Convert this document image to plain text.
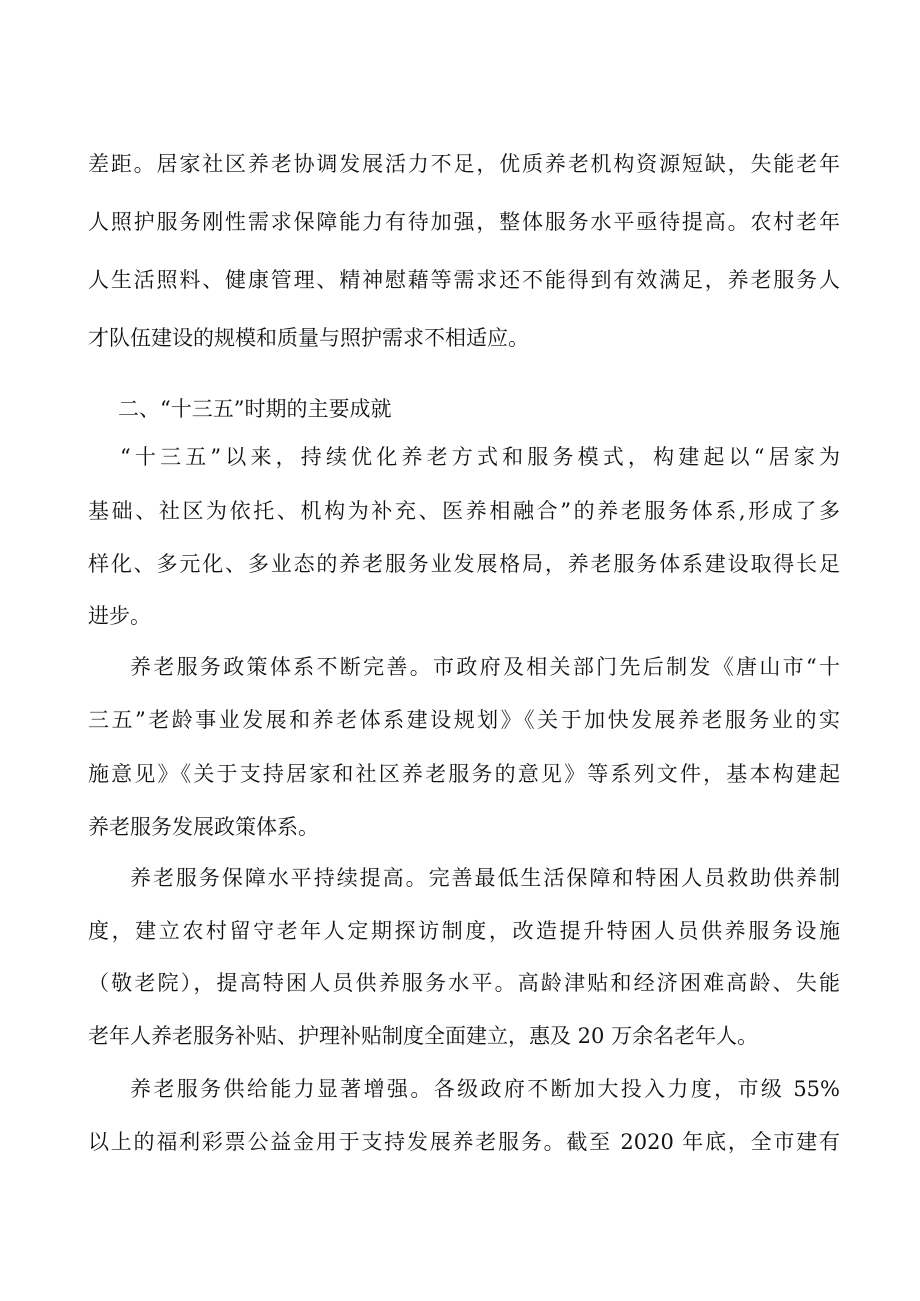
差距。居家社区养老协调发展活力不足，优质养老机构资源短缺，失能老年
人照护服务刚性需求保障能力有待加强，整体服务水平亟待提高。农村老年
人生活照料、健康管理、精神慰藉等需求还不能得到有效满足，养老服务人
才队伍建设的规模和质量与照护需求不相适应。
二、“十三五”时期的主要成就
“十三五”以来，持续优化养老方式和服务模式，构建起以“居家为
基础、社区为依托、机构为补充、医养相融合”的养老服务体系,形成了多
样化、多元化、多业态的养老服务业发展格局，养老服务体系建设取得长足
进步。
养老服务政策体系不断完善。市政府及相关部门先后制发《唐山市“十
三五”老龄事业发展和养老体系建设规划》《关于加快发展养老服务业的实
施意见》《关于支持居家和社区养老服务的意见》等系列文件，基本构建起
养老服务发展政策体系。
养老服务保障水平持续提高。完善最低生活保障和特困人员救助供养制
度，建立农村留守老年人定期探访制度，改造提升特困人员供养服务设施
（敬老院），提高特困人员供养服务水平。高龄津贴和经济困难高龄、失能
老年人养老服务补贴、护理补贴制度全面建立，惠及 20 万余名老年人。
养老服务供给能力显著增强。各级政府不断加大投入力度，市级 55%
以上的福利彩票公益金用于支持发展养老服务。截至 2020 年底，全市建有
